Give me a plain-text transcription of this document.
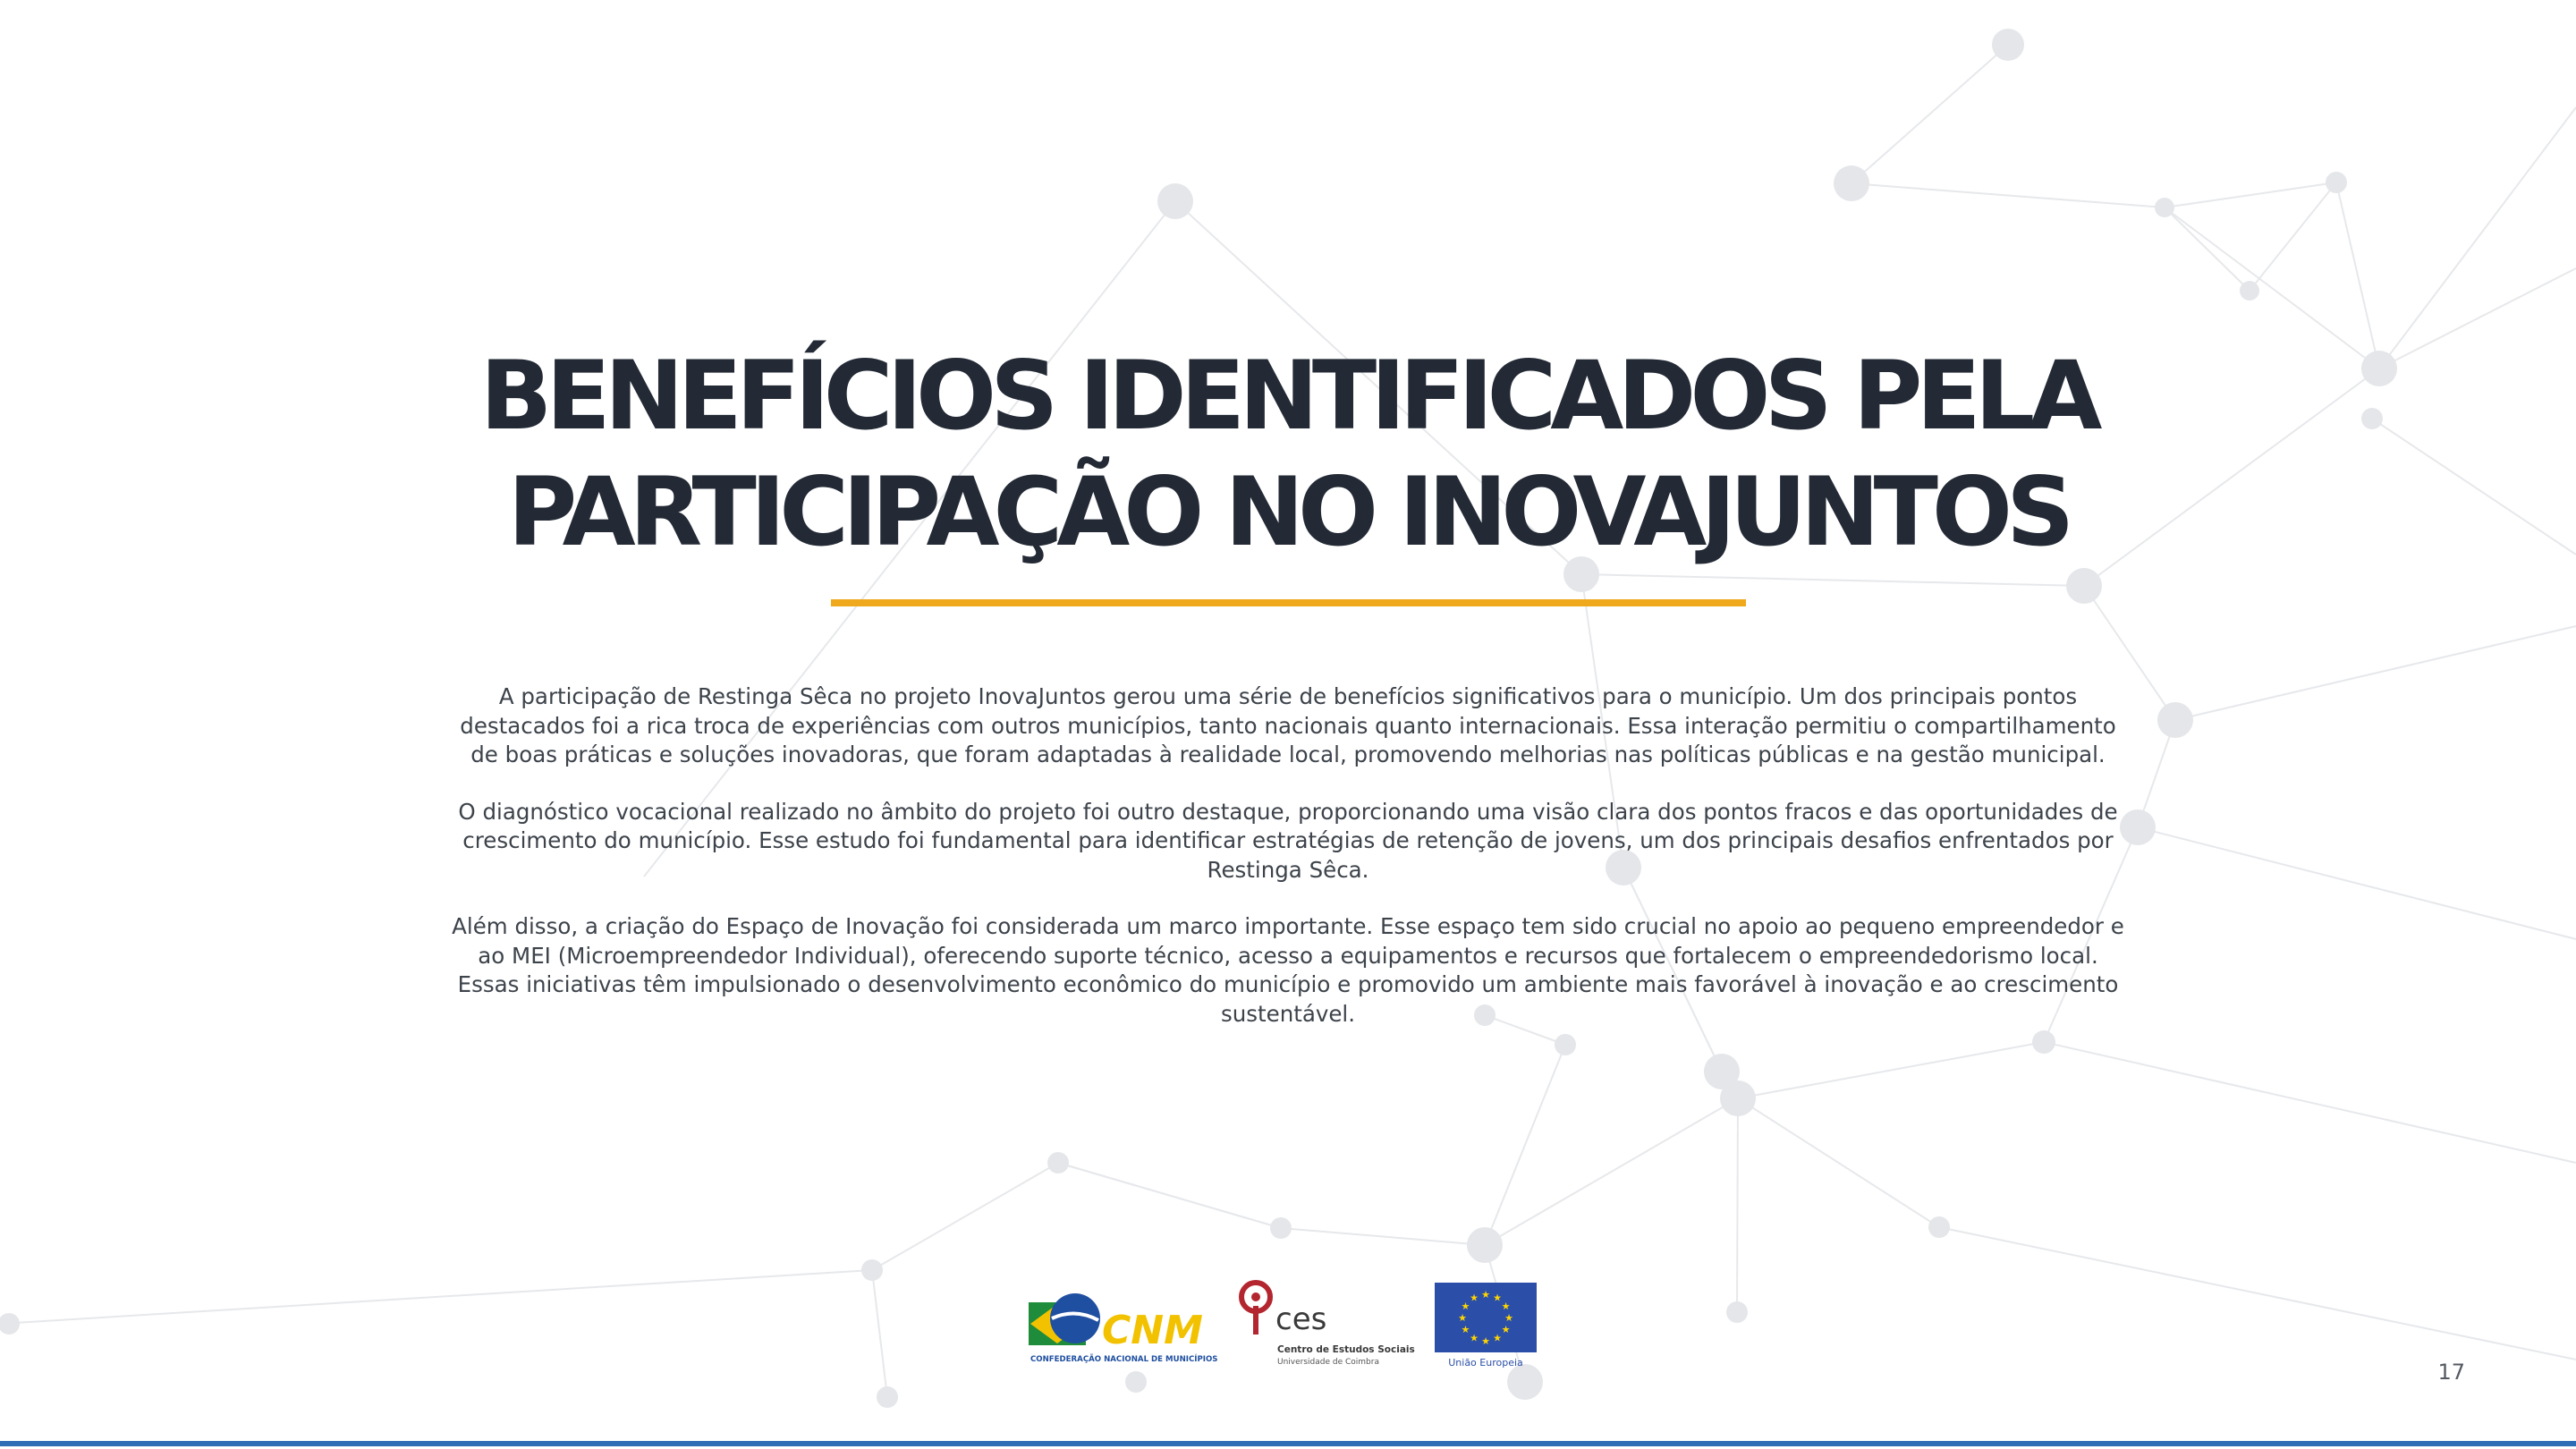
BENEFÍCIOS IDENTIFICADOS PELA
PARTICIPAÇÃO NO INOVAJUNTOS

A participação de Restinga Sêca no projeto InovaJuntos gerou uma série de benefícios significativos para o município. Um dos principais pontos destacados foi a rica troca de experiências com outros municípios, tanto nacionais quanto internacionais. Essa interação permitiu o compartilhamento de boas práticas e soluções inovadoras, que foram adaptadas à realidade local, promovendo melhorias nas políticas públicas e na gestão municipal.

O diagnóstico vocacional realizado no âmbito do projeto foi outro destaque, proporcionando uma visão clara dos pontos fracos e das oportunidades de crescimento do município. Esse estudo foi fundamental para identificar estratégias de retenção de jovens, um dos principais desafios enfrentados por Restinga Sêca.

Além disso, a criação do Espaço de Inovação foi considerada um marco importante. Esse espaço tem sido crucial no apoio ao pequeno empreendedor e ao MEI (Microempreendedor Individual), oferecendo suporte técnico, acesso a equipamentos e recursos que fortalecem o empreendedorismo local. Essas iniciativas têm impulsionado o desenvolvimento econômico do município e promovido um ambiente mais favorável à inovação e ao crescimento sustentável.

CNM
CONFEDERAÇÃO NACIONAL DE MUNICÍPIOS
ces
Centro de Estudos Sociais
Universidade de Coimbra
★ ★
★
★
★
★
★
★
★
★
★
★
União Europeia	17
